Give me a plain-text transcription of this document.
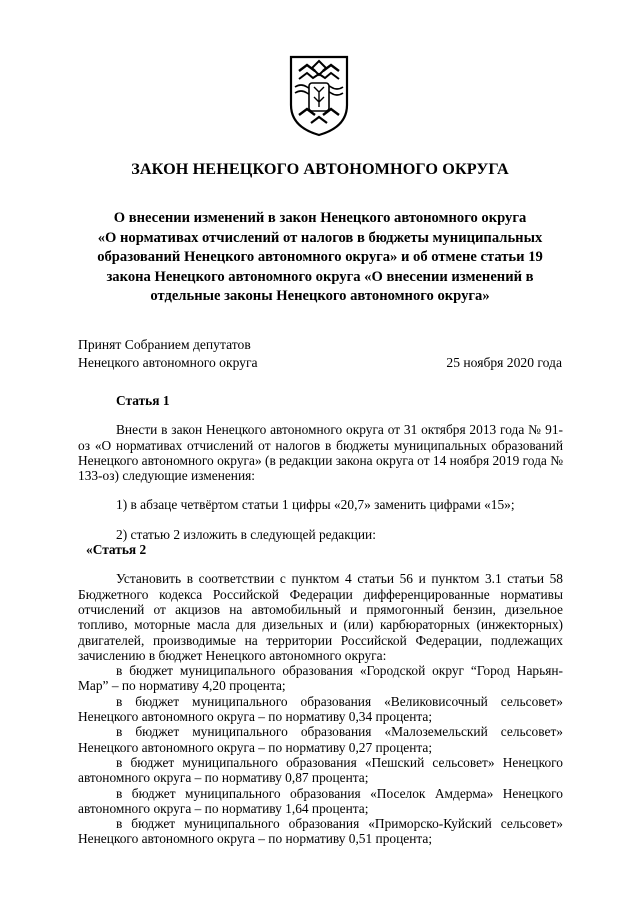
ЗАКОН НЕНЕЦКОГО АВТОНОМНОГО ОКРУГА
О внесении изменений в закон Ненецкого автономного округа
«О нормативах отчислений от налогов в бюджеты муниципальных
образований Ненецкого автономного округа» и об отмене статьи 19
закона Ненецкого автономного округа «О внесении изменений в
отдельные законы Ненецкого автономного округа»
Принят Собранием депутатов
Ненецкого автономного округа	25 ноября 2020 года

Статья 1

Внести в закон Ненецкого автономного округа от 31 октября 2013 года № 91-оз «О нормативах отчислений от налогов в бюджеты муниципальных образований Ненецкого автономного округа» (в редакции закона округа от 14 ноября 2019 года № 133-оз) следующие изменения:

1) в абзаце четвёртом статьи 1 цифры «20,7» заменить цифрами «15»;

2) статью 2 изложить в следующей редакции:

«Статья 2

Установить в соответствии с пунктом 4 статьи 56 и пунктом 3.1 статьи 58 Бюджетного кодекса Российской Федерации дифференцированные нормативы отчислений от акцизов на автомобильный и прямогонный бензин, дизельное топливо, моторные масла для дизельных и (или) карбюраторных (инжекторных) двигателей, производимые на территории Российской Федерации, подлежащих зачислению в бюджет Ненецкого автономного округа:

в бюджет муниципального образования «Городской округ “Город Нарьян-Мар” – по нормативу 4,20 процента;

в бюджет муниципального образования «Великовисочный сельсовет» Ненецкого автономного округа – по нормативу 0,34 процента;

в бюджет муниципального образования «Малоземельский сельсовет» Ненецкого автономного округа – по нормативу 0,27 процента;

в бюджет муниципального образования «Пешский сельсовет» Ненецкого автономного округа – по нормативу 0,87 процента;

в бюджет муниципального образования «Поселок Амдерма» Ненецкого автономного округа – по нормативу 1,64 процента;

в бюджет муниципального образования «Приморско-Куйский сельсовет» Ненецкого автономного округа – по нормативу 0,51 процента;
